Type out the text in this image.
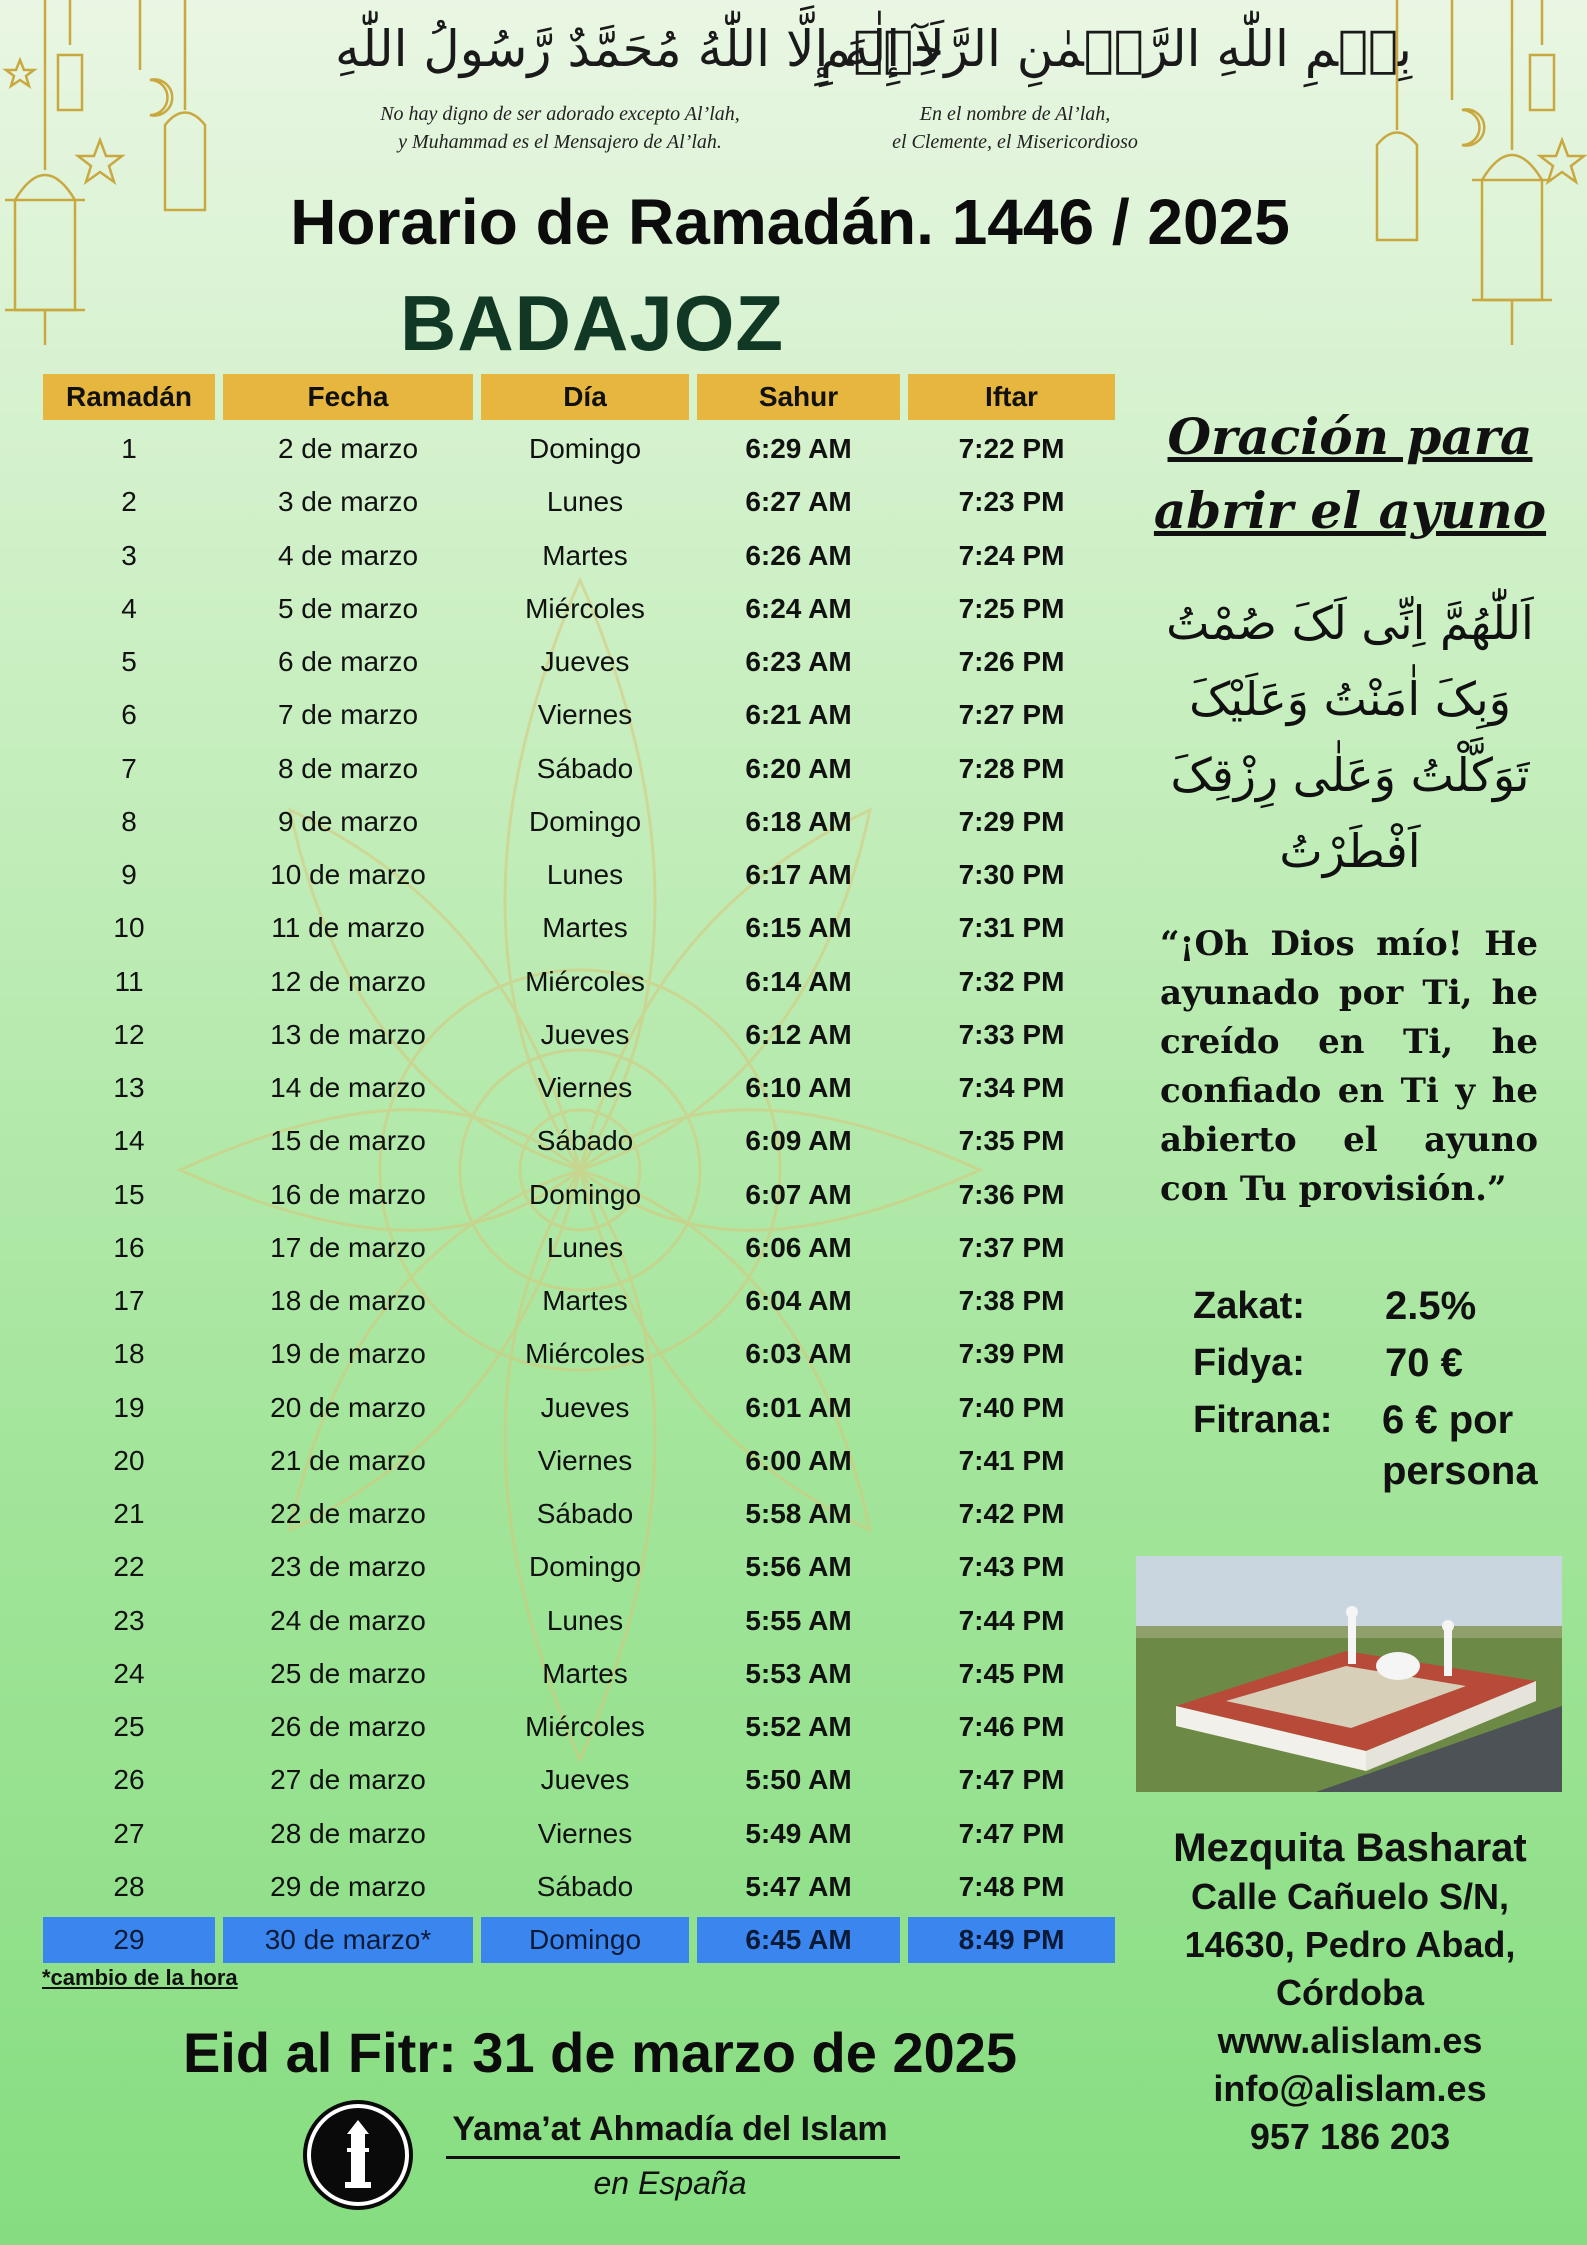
لَآ إِلٰهَ إِلَّا اللّٰهُ مُحَمَّدٌ رَّسُولُ اللّٰهِ
بِسۡمِ اللّٰهِ الرَّحۡمٰنِ الرَّحِيۡمِ
No hay digno de ser adorado excepto Al’lah,
y Muhammad es el Mensajero de Al’lah.
En el nombre de Al’lah,
el Clemente, el Misericordioso
Horario de Ramadán. 1446 / 2025
BADAJOZ
Ramadán	Fecha	Día	Sahur	Iftar
1	2 de marzo	Domingo	6:29 AM	7:22 PM
2	3 de marzo	Lunes	6:27 AM	7:23 PM
3	4 de marzo	Martes	6:26 AM	7:24 PM
4	5 de marzo	Miércoles	6:24 AM	7:25 PM
5	6 de marzo	Jueves	6:23 AM	7:26 PM
6	7 de marzo	Viernes	6:21 AM	7:27 PM
7	8 de marzo	Sábado	6:20 AM	7:28 PM
8	9 de marzo	Domingo	6:18 AM	7:29 PM
9	10 de marzo	Lunes	6:17 AM	7:30 PM
10	11 de marzo	Martes	6:15 AM	7:31 PM
11	12 de marzo	Miércoles	6:14 AM	7:32 PM
12	13 de marzo	Jueves	6:12 AM	7:33 PM
13	14 de marzo	Viernes	6:10 AM	7:34 PM
14	15 de marzo	Sábado	6:09 AM	7:35 PM
15	16 de marzo	Domingo	6:07 AM	7:36 PM
16	17 de marzo	Lunes	6:06 AM	7:37 PM
17	18 de marzo	Martes	6:04 AM	7:38 PM
18	19 de marzo	Miércoles	6:03 AM	7:39 PM
19	20 de marzo	Jueves	6:01 AM	7:40 PM
20	21 de marzo	Viernes	6:00 AM	7:41 PM
21	22 de marzo	Sábado	5:58 AM	7:42 PM
22	23 de marzo	Domingo	5:56 AM	7:43 PM
23	24 de marzo	Lunes	5:55 AM	7:44 PM
24	25 de marzo	Martes	5:53 AM	7:45 PM
25	26 de marzo	Miércoles	5:52 AM	7:46 PM
26	27 de marzo	Jueves	5:50 AM	7:47 PM
27	28 de marzo	Viernes	5:49 AM	7:47 PM
28	29 de marzo	Sábado	5:47 AM	7:48 PM
29	30 de marzo*	Domingo	6:45 AM	8:49 PM
*cambio de la hora
Eid al Fitr: 31 de marzo de 2025
Yama’at Ahmadía del Islam
en España
Oración para
abrir el ayuno
اَللّٰهُمَّ اِنِّی لَکَ صُمْتُ
وَبِکَ اٰمَنْتُ وَعَلَیْکَ
تَوَکَّلْتُ وَعَلٰی رِزْقِکَ
اَفْطَرْتُ
“¡Oh Dios mío! He ayunado por Ti, he creído en Ti, he confiado en Ti y he abierto el ayuno con Tu provisión.”
Zakat: 2.5%
Fidya: 70 €
Fitrana: 6 € por
persona
Mezquita Basharat
Calle Cañuelo S/N,
14630, Pedro Abad,
Córdoba
www.alislam.es
info@alislam.es
957 186 203
